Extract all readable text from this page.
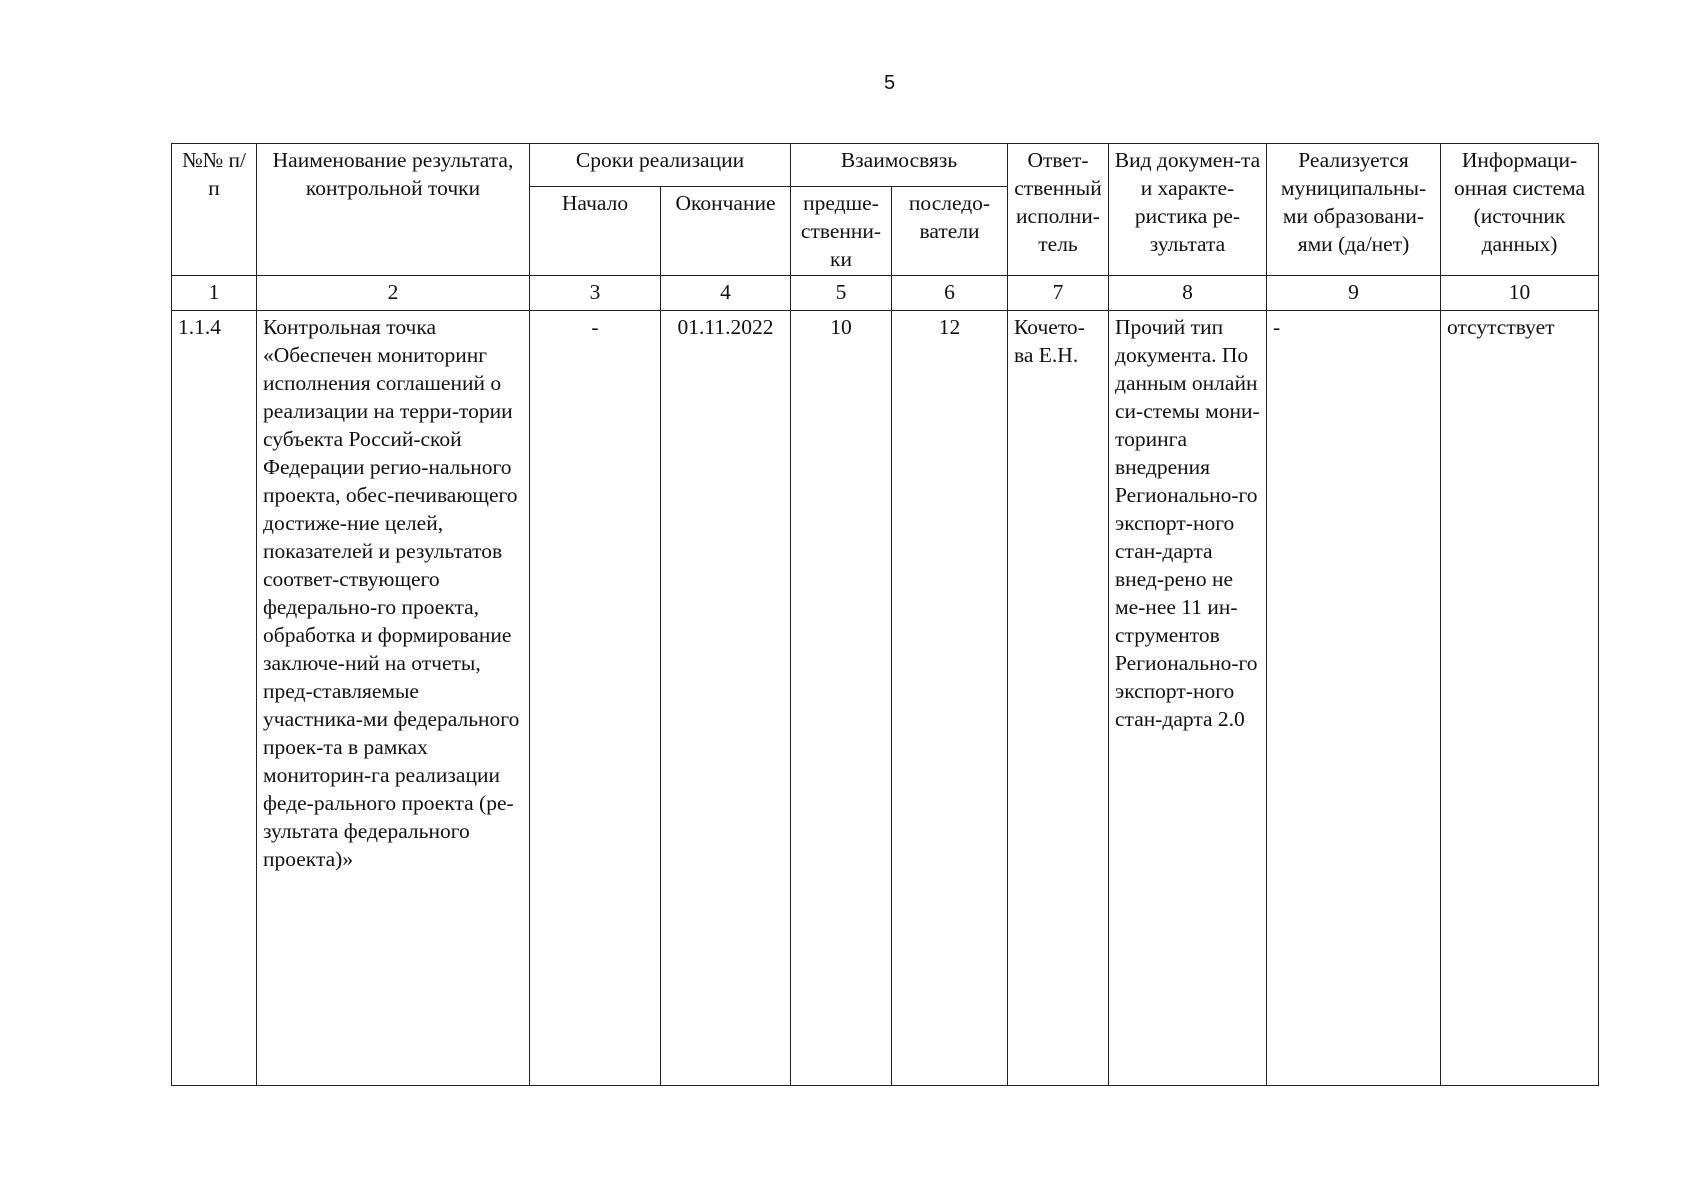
5
№№ п/п	Наименование результата, контрольной точки	Сроки реализации		Взаимосвязь		Ответ-ственный исполни-тель	Вид докумен-та и характе-ристика ре-зультата	Реализуется муниципальны-ми образовани-ями (да/нет)	Информаци-онная система (источник данных)
		Начало	Окончание	предше-ственни-ки	последо-ватели				
1	2	3	4	5	6	7	8	9	10
1.1.4	Контрольная точка «Обеспечен мониторинг исполнения соглашений о реализации на терри-тории субъекта Россий-ской Федерации регио-нального проекта, обес-печивающего достиже-ние целей, показателей и результатов соответ-ствующего федерально-го проекта, обработка и формирование заключе-ний на отчеты, пред-ставляемые участника-ми федерального проек-та в рамках мониторин-га реализации феде-рального проекта (ре-зультата федерального проекта)»	-	01.11.2022	10	12	Кочето-ва Е.Н.	Прочий тип документа. По данным онлайн си-стемы мони-торинга внедрения Регионально-го экспорт-ного стан-дарта внед-рено не ме-нее 11 ин-струментов Регионально-го экспорт-ного стан-дарта 2.0	-	отсутствует
